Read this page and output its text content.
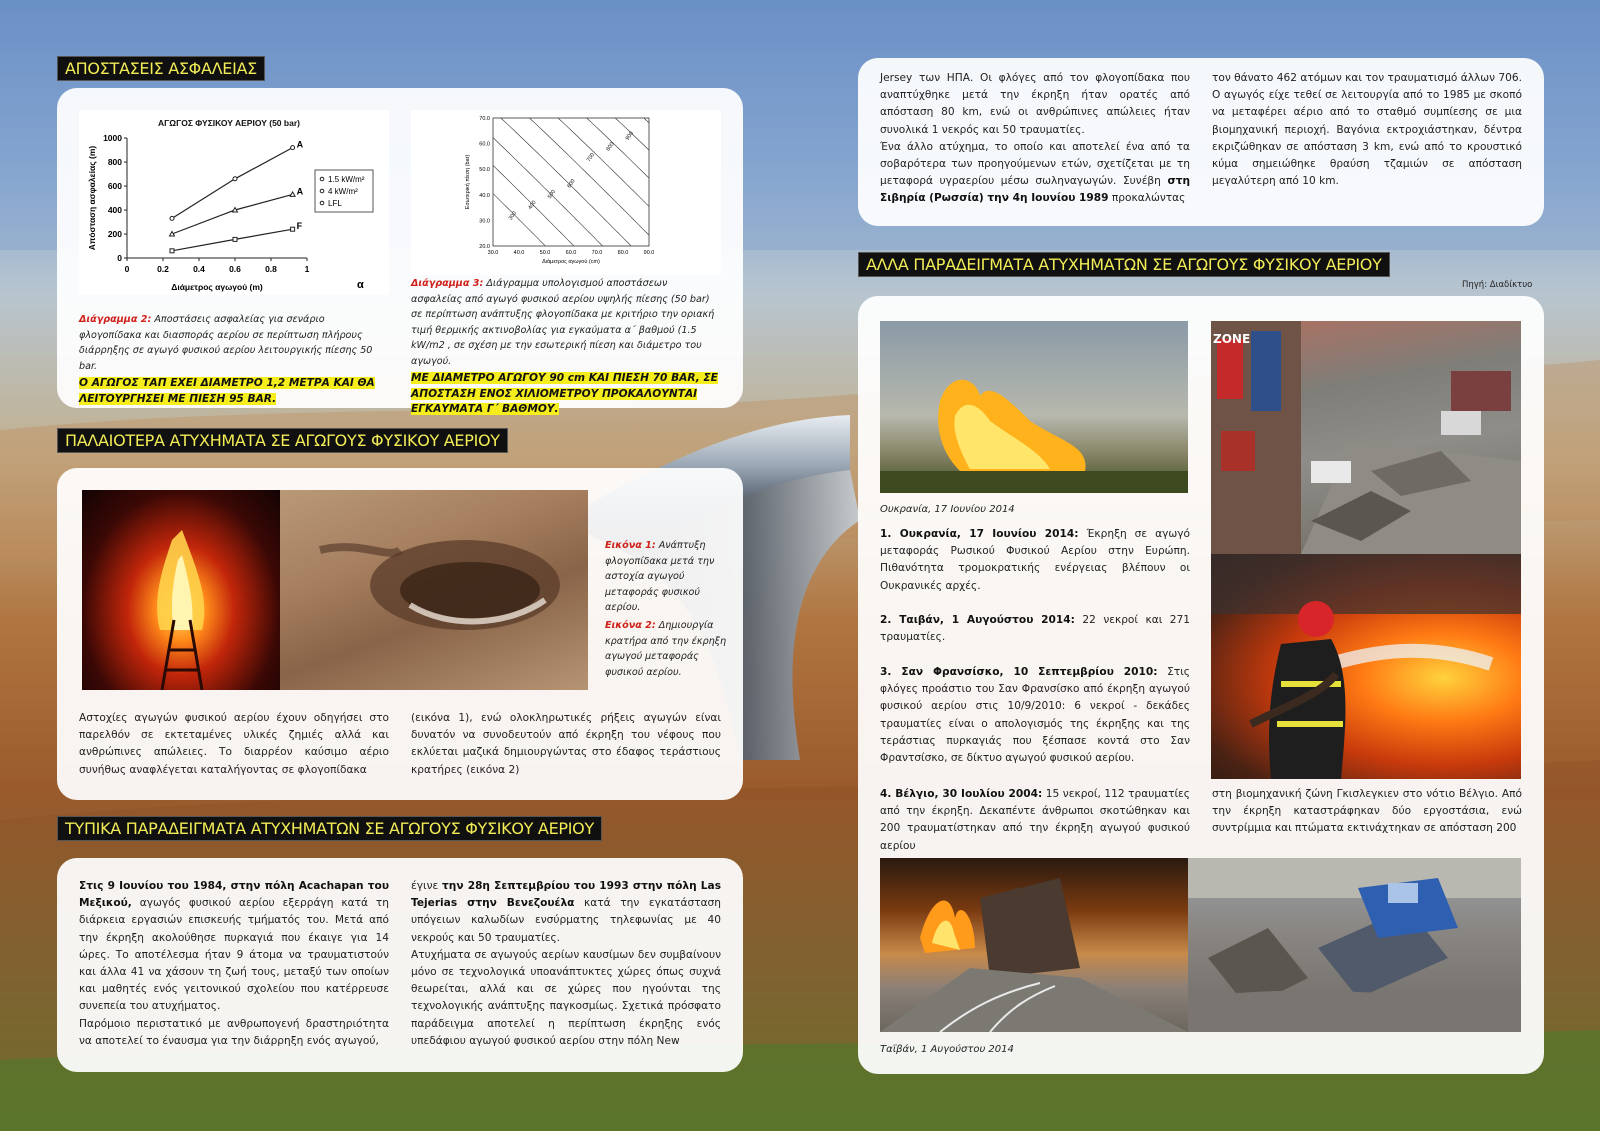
ΑΠΟΣΤΑΣΕΙΣ ΑΣΦΑΛΕΙΑΣ
ΑΓΩΓΟΣ ΦΥΣΙΚΟΥ ΑΕΡΙΟΥ (50 bar)
0
200
400
600
800
1000
0	0.2	0.4	0.6	0.8	1
Διάμετρος αγωγού (m)
Απόσταση ασφαλείας (m)
α
A
A
F
1.5 kW/m²
4 kW/m²
LFL
20.0
30.0
40.0
50.0
60.0
70.0
30.0	40.0	50.0	60.0	70.0	80.0	90.0
Διάμετρος αγωγού (cm)
Εσωτερική πίεση (bar)
300
400
500
600
700
800
900
Διάγραμμα 2: Αποστάσεις ασφαλείας για σενάριο φλογοπίδακα και διασποράς αερίου σε περίπτωση πλήρους διάρρηξης σε αγωγό φυσικού αερίου λειτουργικής πίεσης 50 bar.
Ο ΑΓΩΓΟΣ ΤΑΠ ΕΧΕΙ ΔΙΑΜΕΤΡΟ 1,2 ΜΕΤΡΑ ΚΑΙ ΘΑ ΛΕΙΤΟΥΡΓΗΣΕΙ ΜΕ ΠΙΕΣΗ 95 BAR.
Διάγραμμα 3: Διάγραμμα υπολογισμού αποστάσεων ασφαλείας από αγωγό φυσικού αερίου υψηλής πίεσης (50 bar) σε περίπτωση ανάπτυξης φλογοπίδακα με κριτήριο την οριακή τιμή θερμικής ακτινοβολίας για εγκαύματα α΄ βαθμού (1.5 kW/m2 , σε σχέση με την εσωτερική πίεση και διάμετρο του αγωγού.
ΜΕ ΔΙΑΜΕΤΡΟ ΑΓΩΓΟΥ 90 cm ΚΑΙ ΠΙΕΣΗ 70 BAR, ΣΕ ΑΠΟΣΤΑΣΗ ΕΝΟΣ ΧΙΛΙΟΜΕΤΡΟΥ ΠΡΟΚΑΛΟΥΝΤΑΙ ΕΓΚΑΥΜΑΤΑ Γ΄ ΒΑΘΜΟΥ.
ΠΑΛΑΙΟΤΕΡΑ ΑΤΥΧΗΜΑΤΑ ΣΕ ΑΓΩΓΟΥΣ ΦΥΣΙΚΟΥ ΑΕΡΙΟΥ
Εικόνα 1: Ανάπτυξη φλογοπίδακα μετά την αστοχία αγωγού μεταφοράς φυσικού αερίου.
Εικόνα 2: Δημιουργία κρατήρα από την έκρηξη αγωγού μεταφοράς φυσικού αερίου.
Αστοχίες αγωγών φυσικού αερίου έχουν οδηγήσει στο παρελθόν σε εκτεταμένες υλικές ζημιές αλλά και ανθρώπινες απώλειες. Το διαρρέον καύσιμο αέριο συνήθως αναφλέγεται καταλήγοντας σε φλογοπίδακα
(εικόνα 1), ενώ ολοκληρωτικές ρήξεις αγωγών είναι δυνατόν να συνοδευτούν από έκρηξη του νέφους που εκλύεται μαζικά δημιουργώντας στο έδαφος τεράστιους κρατήρες (εικόνα 2)
ΤΥΠΙΚΑ ΠΑΡΑΔΕΙΓΜΑΤΑ ΑΤΥΧΗΜΑΤΩΝ ΣΕ ΑΓΩΓΟΥΣ ΦΥΣΙΚΟΥ ΑΕΡΙΟΥ
Στις 9 Ιουνίου του 1984, στην πόλη Acachapan του Μεξικού, αγωγός φυσικού αερίου εξερράγη κατά τη διάρκεια εργασιών επισκευής τμήματός του. Μετά από την έκρηξη ακολούθησε πυρκαγιά που έκαιγε για 14 ώρες. Το αποτέλεσμα ήταν 9 άτομα να τραυματιστούν και άλλα 41 να χάσουν τη ζωή τους, μεταξύ των οποίων και μαθητές ενός γειτονικού σχολείου που κατέρρευσε συνεπεία του ατυχήματος.
Παρόμοιο περιστατικό με ανθρωπογενή δραστηριότητα να αποτελεί το έναυσμα για την διάρρηξη ενός αγωγού,
έγινε την 28η Σεπτεμβρίου του 1993 στην πόλη Las Tejerias στην Βενεζουέλα κατά την εγκατάσταση υπόγειων καλωδίων ενσύρματης τηλεφωνίας με 40 νεκρούς και 50 τραυματίες.
Ατυχήματα σε αγωγούς αερίων καυσίμων δεν συμβαίνουν μόνο σε τεχνολογικά υποανάπτυκτες χώρες όπως συχνά θεωρείται, αλλά και σε χώρες που ηγούνται της τεχνολογικής ανάπτυξης παγκοσμίως. Σχετικά πρόσφατο παράδειγμα αποτελεί η περίπτωση έκρηξης ενός υπεδάφιου αγωγού φυσικού αερίου στην πόλη New
Jersey των ΗΠΑ. Οι φλόγες από τον φλογοπίδακα που αναπτύχθηκε μετά την έκρηξη ήταν ορατές από απόσταση 80 km, ενώ οι ανθρώπινες απώλειες ήταν συνολικά 1 νεκρός και 50 τραυματίες.
Ένα άλλο ατύχημα, το οποίο και αποτελεί ένα από τα σοβαρότερα των προηγούμενων ετών, σχετίζεται με τη μεταφορά υγραερίου μέσω σωληναγωγών. Συνέβη στη Σιβηρία (Ρωσσία) την 4η Ιουνίου 1989 προκαλώντας
τον θάνατο 462 ατόμων και τον τραυματισμό άλλων 706. Ο αγωγός είχε τεθεί σε λειτουργία από το 1985 με σκοπό να μεταφέρει αέριο από το σταθμό συμπίεσης σε μια βιομηχανική περιοχή. Βαγόνια εκτροχιάστηκαν, δέντρα εκριζώθηκαν σε απόσταση 3 km, ενώ από το κρουστικό κύμα σημειώθηκε θραύση τζαμιών σε απόσταση μεγαλύτερη από 10 km.
ΑΛΛΑ ΠΑΡΑΔΕΙΓΜΑΤΑ ΑΤΥΧΗΜΑΤΩΝ ΣΕ ΑΓΩΓΟΥΣ ΦΥΣΙΚΟΥ ΑΕΡΙΟΥ
Πηγή: Διαδίκτυο
Ουκρανία, 17 Ιουνίου 2014
ZONE
1. Ουκρανία, 17 Ιουνίου 2014: Έκρηξη σε αγωγό μεταφοράς Ρωσικού Φυσικού Αερίου στην Ευρώπη. Πιθανότητα τρομοκρατικής ενέργειας βλέπουν οι Ουκρανικές αρχές.
2. Ταιβάν, 1 Αυγούστου 2014: 22 νεκροί και 271 τραυματίες.
3. Σαν Φρανσίσκο, 10 Σεπτεμβρίου 2010: Στις φλόγες προάστιο του Σαν Φρανσίσκο από έκρηξη αγωγού φυσικού αερίου στις 10/9/2010: 6 νεκροί - δεκάδες τραυματίες είναι ο απολογισμός της έκρηξης και της τεράστιας πυρκαγιάς που ξέσπασε κοντά στο Σαν Φραντσίσκο, σε δίκτυο αγωγού φυσικού αερίου.
4. Βέλγιο, 30 Ιουλίου 2004: 15 νεκροί, 112 τραυματίες από την έκρηξη. Δεκαπέντε άνθρωποι σκοτώθηκαν και 200 τραυματίστηκαν από την έκρηξη αγωγού φυσικού αερίου
στη βιομηχανική ζώνη Γκισλεγκιεν στο νότιο Βέλγιο. Από την έκρηξη καταστράφηκαν δύο εργοστάσια, ενώ συντρίμμια και πτώματα εκτινάχτηκαν σε απόσταση 200
Ταϊβάν, 1 Αυγούστου 2014
